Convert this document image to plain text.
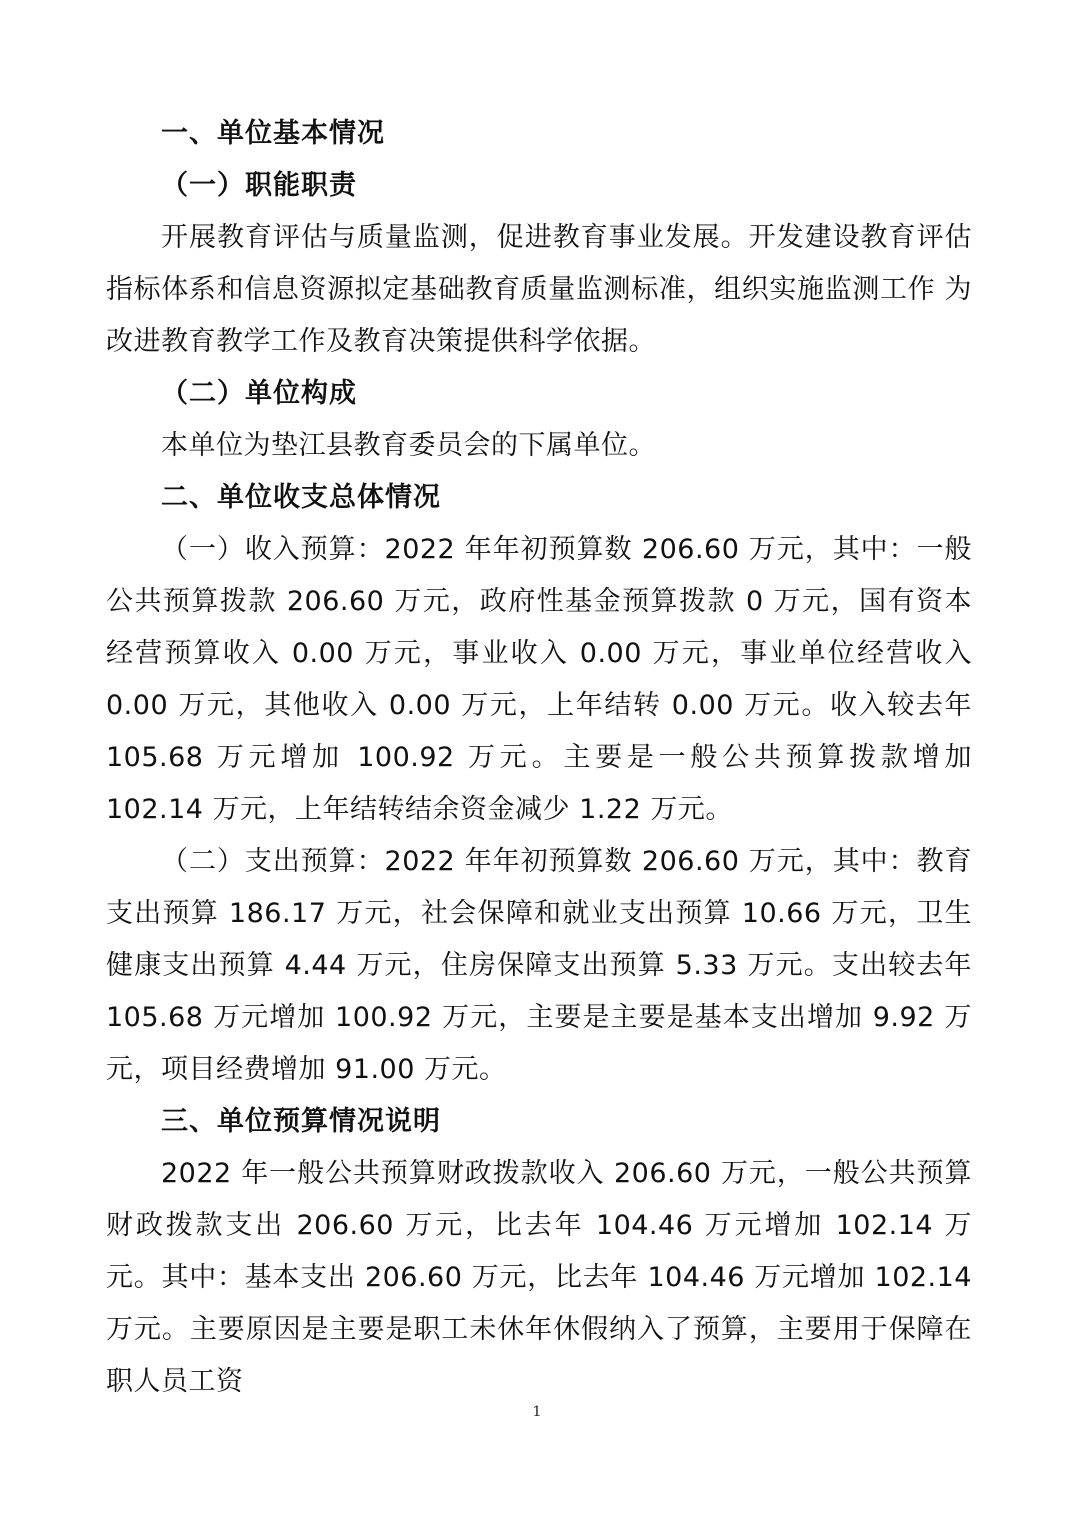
一、单位基本情况

（一）职能职责

开展教育评估与质量监测，促进教育事业发展。开发建设教育评估指标体系和信息资源拟定基础教育质量监测标准，组织实施监测工作 为改进教育教学工作及教育决策提供科学依据。

（二）单位构成

本单位为垫江县教育委员会的下属单位。

二、单位收支总体情况

（一）收入预算：2022 年年初预算数 206.60 万元，其中：一般公共预算拨款 206.60 万元，政府性基金预算拨款 0 万元，国有资本经营预算收入 0.00 万元，事业收入 0.00 万元，事业单位经营收入 0.00 万元，其他收入 0.00 万元，上年结转 0.00 万元。收入较去年 105.68 万元增加 100.92 万元。主要是一般公共预算拨款增加 102.14 万元，上年结转结余资金减少 1.22 万元。

（二）支出预算：2022 年年初预算数 206.60 万元，其中：教育支出预算 186.17 万元，社会保障和就业支出预算 10.66 万元，卫生健康支出预算 4.44 万元，住房保障支出预算 5.33 万元。支出较去年 105.68 万元增加 100.92 万元，主要是主要是基本支出增加 9.92 万元，项目经费增加 91.00 万元。

三、单位预算情况说明

2022 年一般公共预算财政拨款收入 206.60 万元，一般公共预算财政拨款支出 206.60 万元，比去年 104.46 万元增加 102.14 万元。其中：基本支出 206.60 万元，比去年 104.46 万元增加 102.14 万元。主要原因是主要是职工未休年休假纳入了预算，主要用于保障在职人员工资

1
